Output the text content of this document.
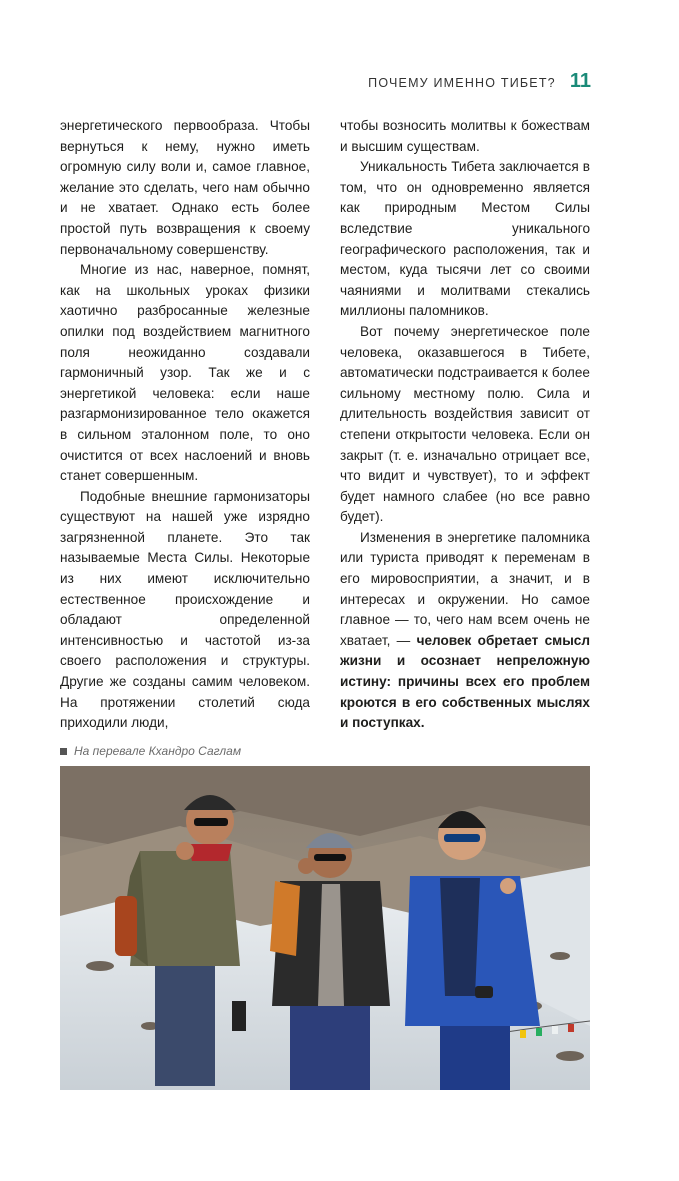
ПОЧЕМУ ИМЕННО ТИБЕТ? 11

энергетического первообраза. Чтобы вернуться к нему, нужно иметь огромную силу воли и, самое главное, желание это сделать, чего нам обычно и не хватает. Однако есть более простой путь возвращения к своему первоначальному совершенству.

Многие из нас, наверное, помнят, как на школьных уроках физики хаотично разбросанные железные опилки под воздействием магнитного поля неожиданно создавали гармоничный узор. Так же и с энергетикой человека: если наше разгармонизированное тело окажется в сильном эталонном поле, то оно очистится от всех наслоений и вновь станет совершенным.

Подобные внешние гармонизаторы существуют на нашей уже изрядно загрязненной планете. Это так называемые Места Силы. Некоторые из них имеют исключительно естественное происхождение и обладают определенной интенсивностью и частотой из-за своего расположения и структуры. Другие же созданы самим человеком. На протяжении столетий сюда приходили люди,

чтобы возносить молитвы к божествам и высшим существам.

Уникальность Тибета заключается в том, что он одновременно является как природным Местом Силы вследствие уникального географического расположения, так и местом, куда тысячи лет со своими чаяниями и молитвами стекались миллионы паломников.

Вот почему энергетическое поле человека, оказавшегося в Тибете, автоматически подстраивается к более сильному местному полю. Сила и длительность воздействия зависит от степени открытости человека. Если он закрыт (т. е. изначально отрицает все, что видит и чувствует), то и эффект будет намного слабее (но все равно будет).

Изменения в энергетике паломника или туриста приводят к переменам в его мировосприятии, а значит, и в интересах и окружении. Но самое главное — то, чего нам всем очень не хватает, — человек обретает смысл жизни и осознает непреложную истину: причины всех его проблем кроются в его собственных мыслях и поступках.

На перевале Кхандро Саглам
